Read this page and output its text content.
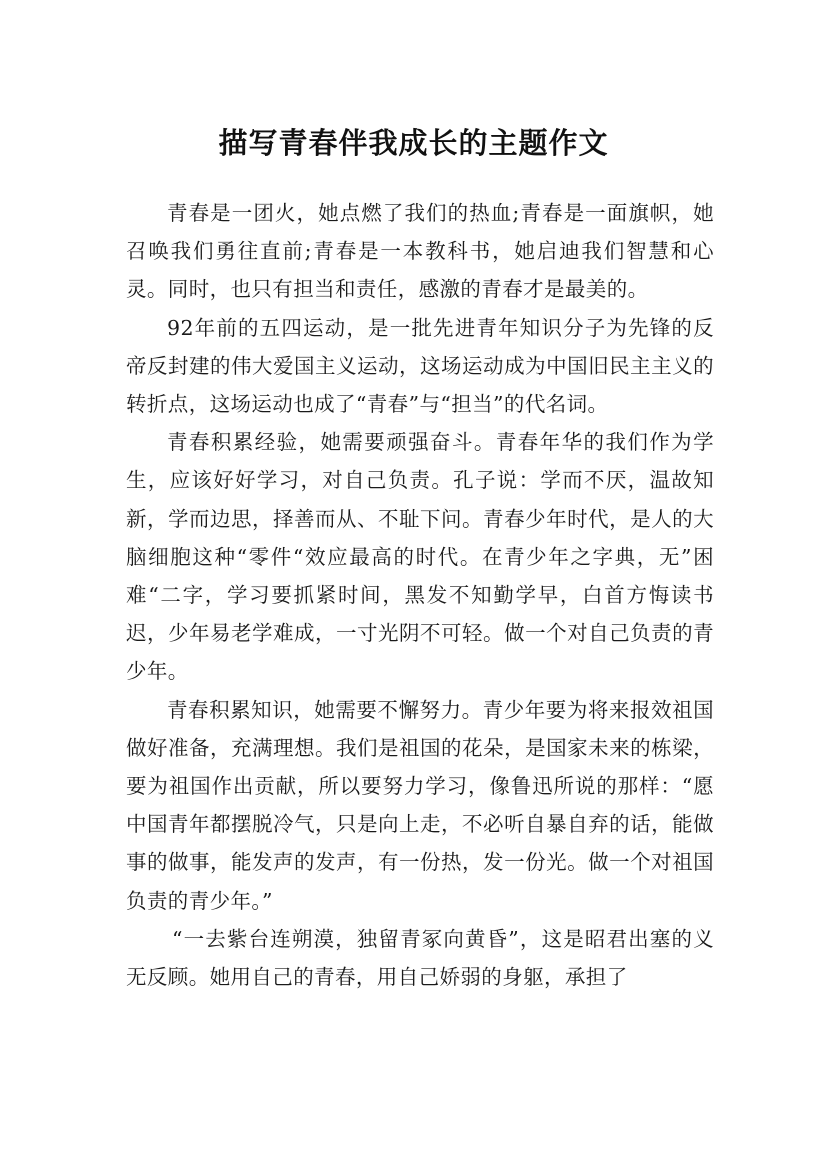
描写青春伴我成长的主题作文

青春是一团火，她点燃了我们的热血;青春是一面旗帜，她召唤我们勇往直前;青春是一本教科书，她启迪我们智慧和心灵。同时，也只有担当和责任，感激的青春才是最美的。

92年前的五四运动，是一批先进青年知识分子为先锋的反帝反封建的伟大爱国主义运动，这场运动成为中国旧民主主义的转折点，这场运动也成了“青春”与“担当”的代名词。

青春积累经验，她需要顽强奋斗。青春年华的我们作为学生，应该好好学习，对自己负责。孔子说：学而不厌，温故知新，学而边思，择善而从、不耻下问。青春少年时代，是人的大脑细胞这种“零件“效应最高的时代。在青少年之字典，无”困难“二字，学习要抓紧时间，黑发不知勤学早，白首方悔读书迟，少年易老学难成，一寸光阴不可轻。做一个对自己负责的青少年。

青春积累知识，她需要不懈努力。青少年要为将来报效祖国做好准备，充满理想。我们是祖国的花朵，是国家未来的栋梁，要为祖国作出贡献，所以要努力学习，像鲁迅所说的那样：“愿中国青年都摆脱冷气，只是向上走，不必听自暴自弃的话，能做事的做事，能发声的发声，有一份热，发一份光。做一个对祖国负责的青少年。”

“一去紫台连朔漠，独留青冢向黄昏”，这是昭君出塞的义无反顾。她用自己的青春，用自己娇弱的身躯，承担了
